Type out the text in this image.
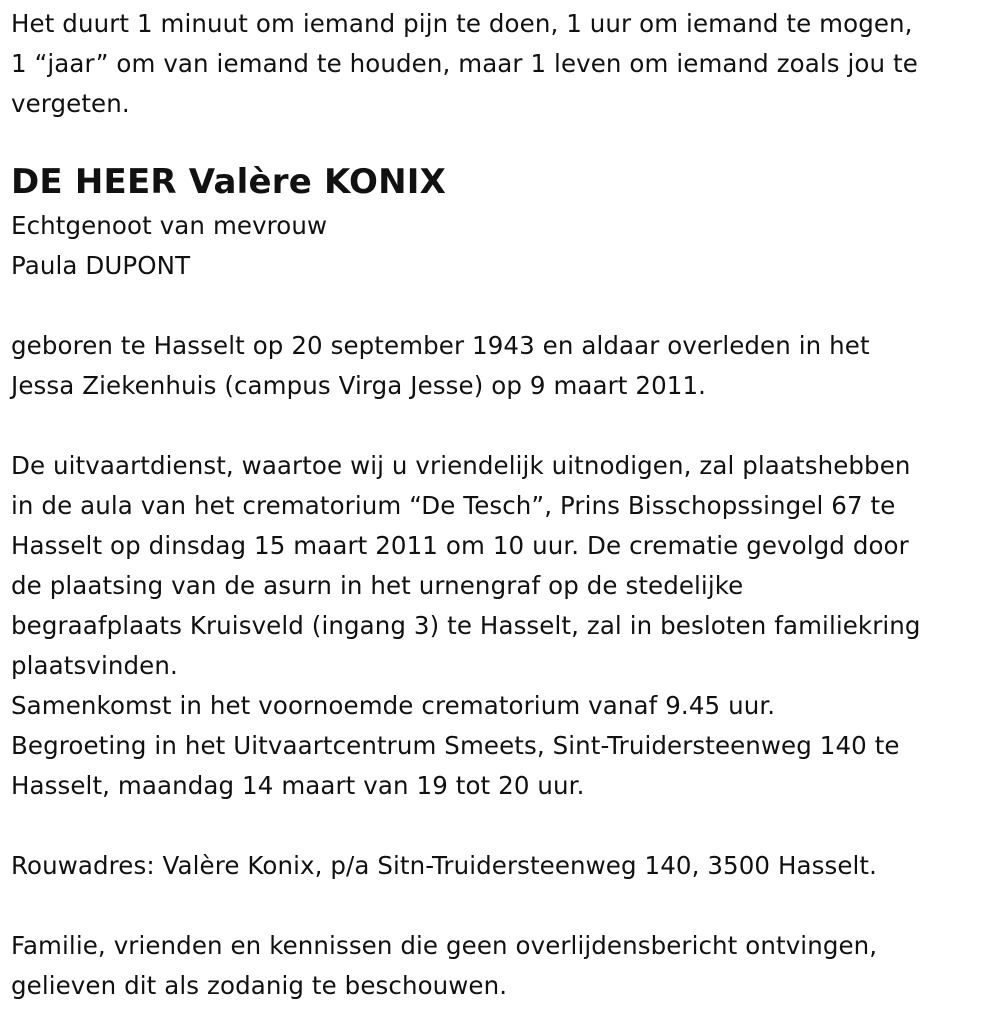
Het duurt 1 minuut om iemand pijn te doen, 1 uur om iemand te mogen,
1 “jaar” om van iemand te houden, maar 1 leven om iemand zoals jou te
vergeten.

DE HEER Valère KONIX

Echtgenoot van mevrouw
Paula DUPONT

geboren te Hasselt op 20 september 1943 en aldaar overleden in het
Jessa Ziekenhuis (campus Virga Jesse) op 9 maart 2011.

De uitvaartdienst, waartoe wij u vriendelijk uitnodigen, zal plaatshebben
in de aula van het crematorium “De Tesch”, Prins Bisschopssingel 67 te
Hasselt op dinsdag 15 maart 2011 om 10 uur. De crematie gevolgd door
de plaatsing van de asurn in het urnengraf op de stedelijke
begraafplaats Kruisveld (ingang 3) te Hasselt, zal in besloten familiekring
plaatsvinden.

Samenkomst in het voornoemde crematorium vanaf 9.45 uur.

Begroeting in het Uitvaartcentrum Smeets, Sint-Truidersteenweg 140 te
Hasselt, maandag 14 maart van 19 tot 20 uur.

Rouwadres: Valère Konix, p/a Sitn-Truidersteenweg 140, 3500 Hasselt.

Familie, vrienden en kennissen die geen overlijdensbericht ontvingen,
gelieven dit als zodanig te beschouwen.
